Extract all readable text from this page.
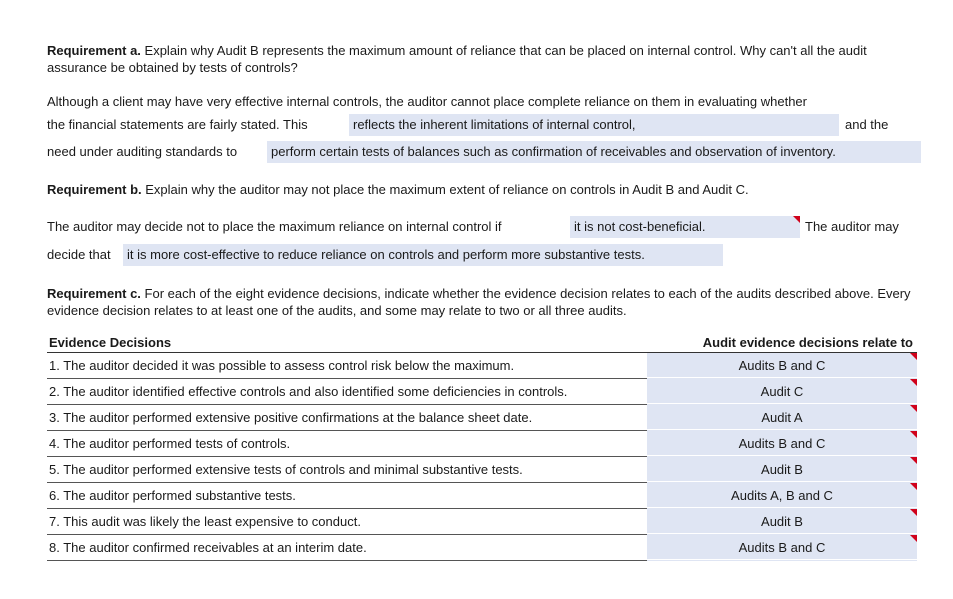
Requirement a. Explain why Audit B represents the maximum amount of reliance that can be placed on internal control. Why can't all the audit assurance be obtained by tests of controls?
Although a client may have very effective internal controls, the auditor cannot place complete reliance on them in evaluating whether
the financial statements are fairly stated. This	reflects the inherent limitations of internal control,	and the
need under auditing standards to	perform certain tests of balances such as confirmation of receivables and observation of inventory.
Requirement b. Explain why the auditor may not place the maximum extent of reliance on controls in Audit B and Audit C.
The auditor may decide not to place the maximum reliance on internal control if	it is not cost-beneficial.	The auditor may
decide that	it is more cost-effective to reduce reliance on controls and perform more substantive tests.
Requirement c. For each of the eight evidence decisions, indicate whether the evidence decision relates to each of the audits described above. Every evidence decision relates to at least one of the audits, and some may relate to two or all three audits.
Evidence Decisions	Audit evidence decisions relate to
1. The auditor decided it was possible to assess control risk below the maximum.	Audits B and C

2. The auditor identified effective controls and also identified some deficiencies in controls.	Audit C

3. The auditor performed extensive positive confirmations at the balance sheet date.	Audit A

4. The auditor performed tests of controls.	Audits B and C

5. The auditor performed extensive tests of controls and minimal substantive tests.	Audit B

6. The auditor performed substantive tests.	Audits A, B and C

7. This audit was likely the least expensive to conduct.	Audit B

8. The auditor confirmed receivables at an interim date.	Audits B and C
